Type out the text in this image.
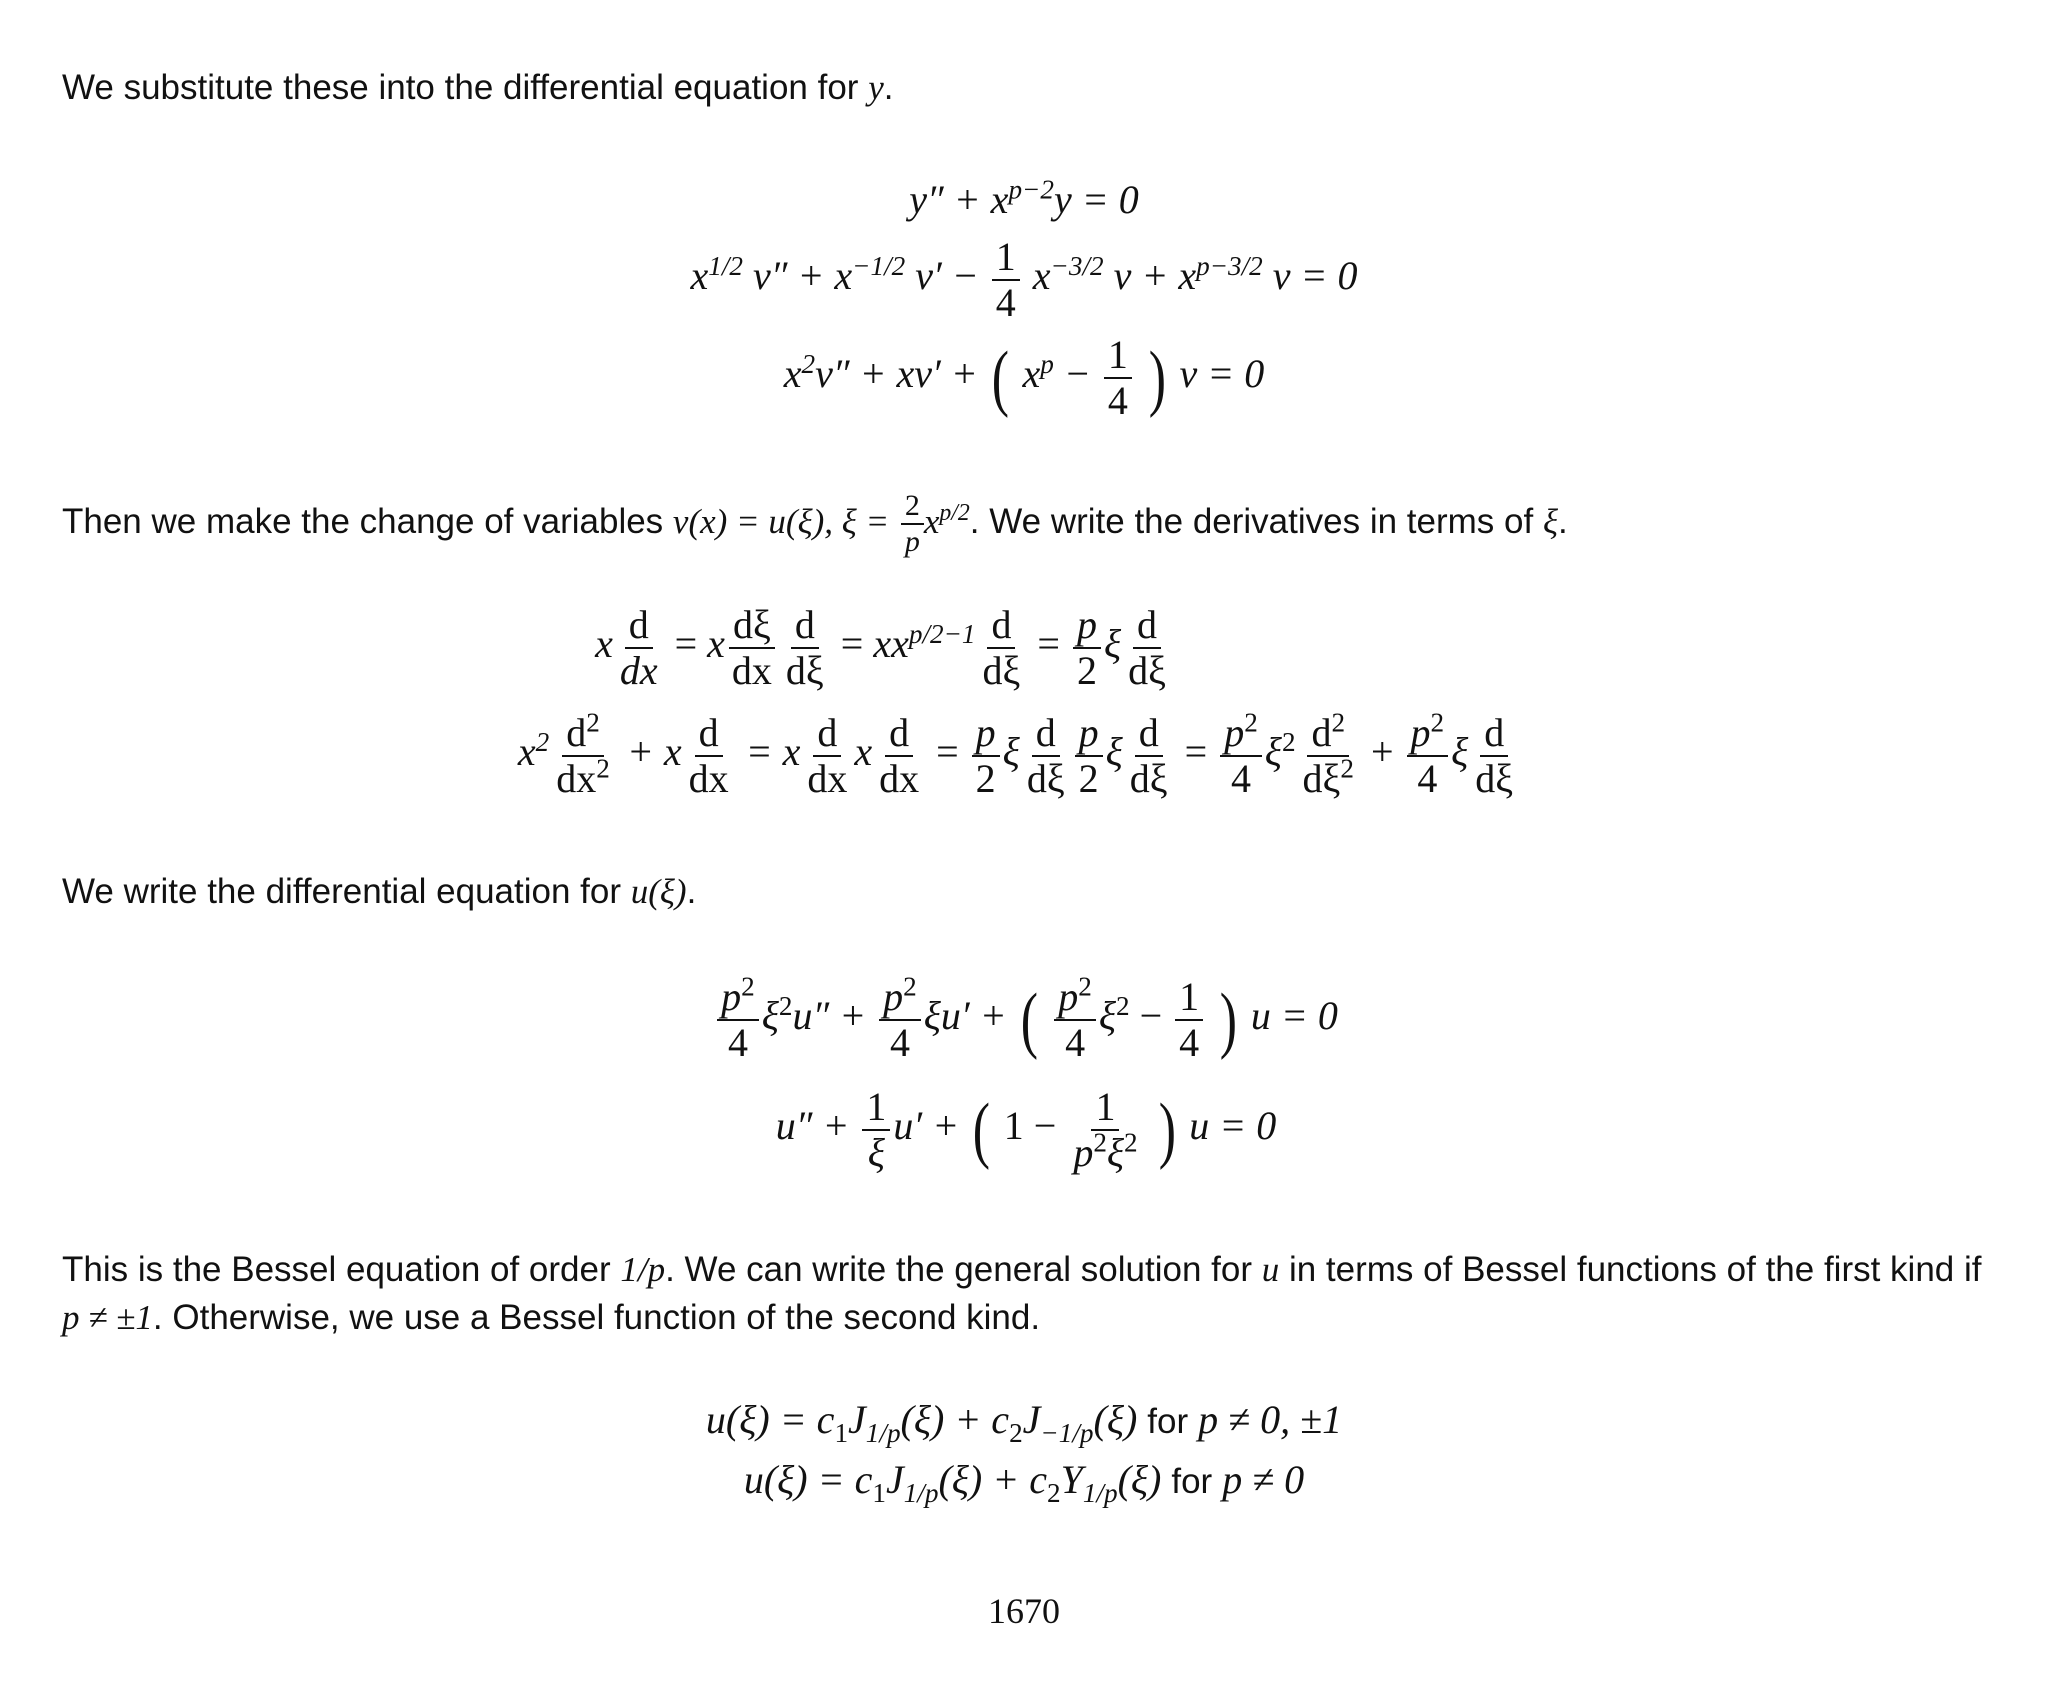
We substitute these into the differential equation for y.
$y'' + x^{p-2}y = 0$
$x^{1/2}$ $v'' + x^{-1/2}$ $v' - \frac{1}{4} x^{-3/2}$ $v + x^{p-3/2}$ v = 0
$x^2v'' + xv'$ + ( $x^p - \frac{1}{4}$ ) v = 0
Then we make the change of variables v(x) = u(ξ), $\xi = \frac{2}{p} x^{p/2}$. We write the derivatives in terms of ξ.
x $\frac{d}{dx} = x \frac{d\xi}{dx} \frac{d}{d\xi} = xx^{p/2-1} \frac{d}{d\xi} = \frac{p}{2}$ ξ $\frac{d}{d\xi}$
$x^2 \frac{d^2}{dx^2} + x \frac{d}{dx} = x \frac{d}{dx}$ x $\frac{d}{dx} = \frac{p}{2}$ ξ $\frac{d}{d\xi} \frac{p}{2}$ ξ $\frac{d}{d\xi} = \frac{p^2}{4} \xi^2 \frac{d^2}{d\xi^2} + \frac{p^2}{4}$ ξ $\frac{d}{d\xi}$
We write the differential equation for u(ξ).
$\frac{p^2}{4} \xi^2u'' + \frac{p^2}{4} \xi u'$ + ( $\frac{p^2}{4} \xi^2 - \frac{1}{4}$ ) u = 0
$u'' + \frac{1}{\xi} u'$ + ( $1 - \frac{1}{p^2\xi^2}$ ) u = 0
This is the Bessel equation of order 1/p. We can write the general solution for u in terms of Bessel functions of the first kind if p ≠ ±1. Otherwise, we use a Bessel function of the second kind.
$u(\xi) = c_1J_{1/p}(\xi) + c_2J_{-1/p}(\xi)$ for p ≠ 0, ±1
$u(\xi) = c_1J_{1/p}(\xi) + c_2Y_{1/p}(\xi)$ for p ≠ 0
1670
